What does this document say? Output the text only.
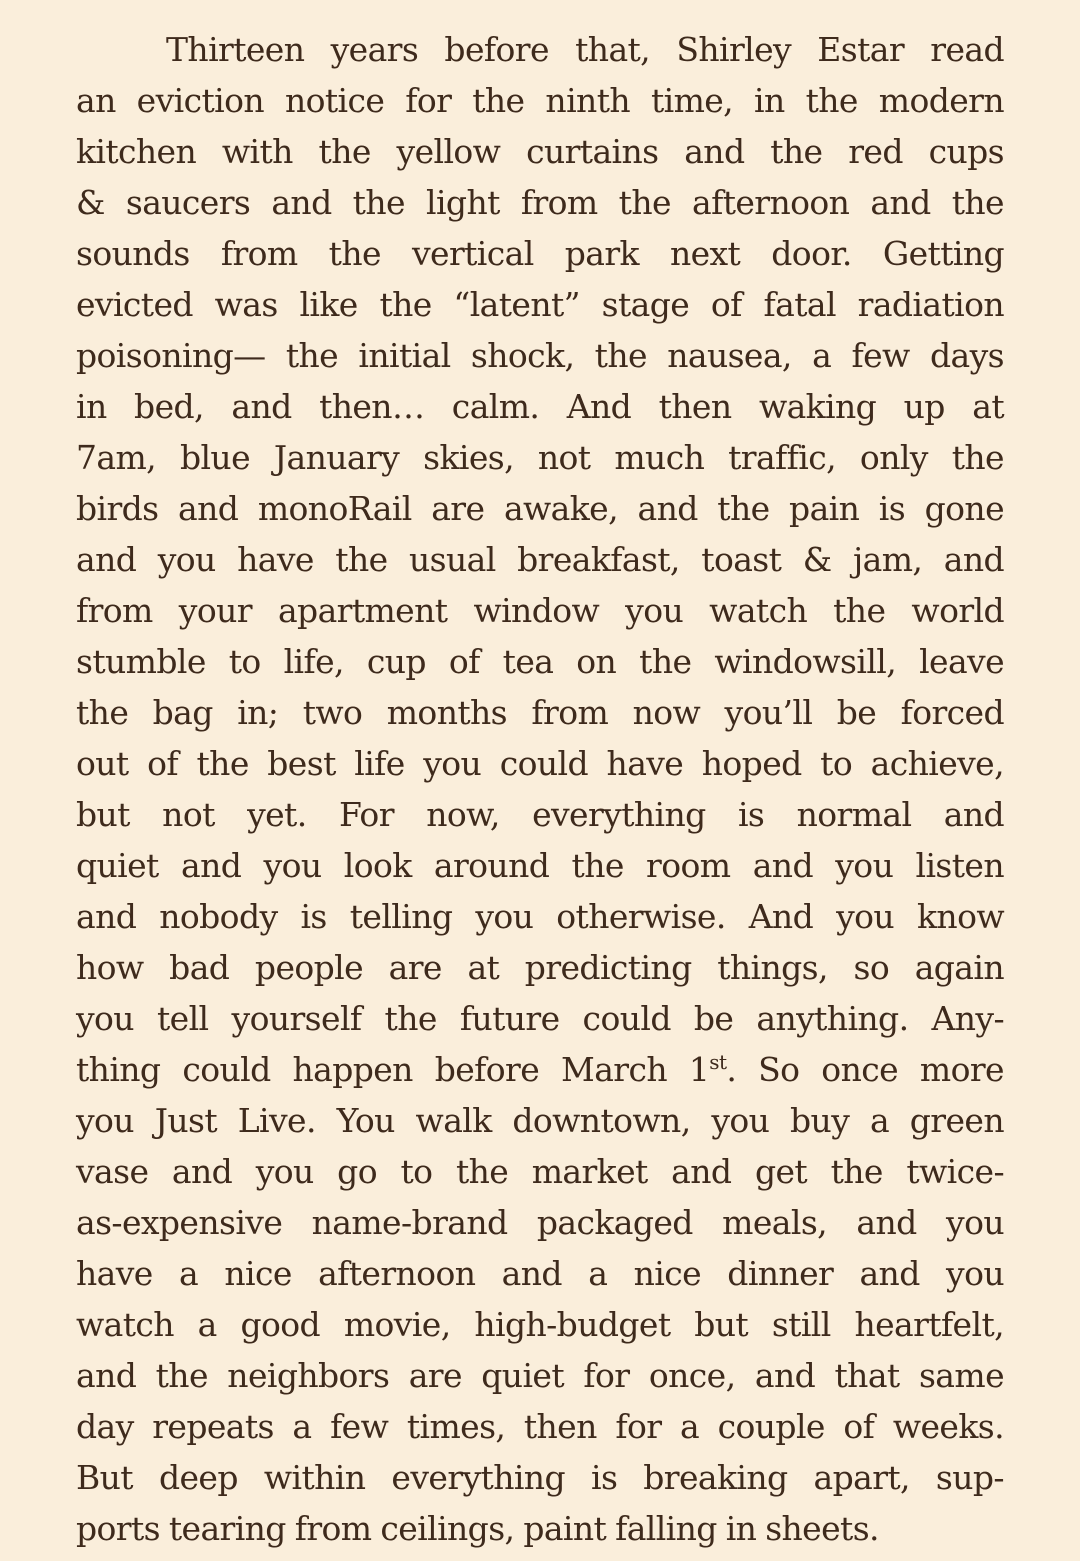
Thirteen years before that, Shirley Estar read
an eviction notice for the ninth time, in the modern
kitchen with the yellow curtains and the red cups
& saucers and the light from the afternoon and the
sounds from the vertical park next door. Getting
evicted was like the “latent” stage of fatal radiation
poisoning— the initial shock, the nausea, a few days
in bed, and then… calm. And then waking up at
7am, blue January skies, not much traffic, only the
birds and monoRail are awake, and the pain is gone
and you have the usual breakfast, toast & jam, and
from your apartment window you watch the world
stumble to life, cup of tea on the windowsill, leave
the bag in; two months from now you’ll be forced
out of the best life you could have hoped to achieve,
but not yet. For now, everything is normal and
quiet and you look around the room and you listen
and nobody is telling you otherwise. And you know
how bad people are at predicting things, so again
you tell yourself the future could be anything. Any-
thing could happen before March 1st. So once more
you Just Live. You walk downtown, you buy a green
vase and you go to the market and get the twice-
as-expensive name-brand packaged meals, and you
have a nice afternoon and a nice dinner and you
watch a good movie, high-budget but still heartfelt,
and the neighbors are quiet for once, and that same
day repeats a few times, then for a couple of weeks.
But deep within everything is breaking apart, sup-
ports tearing from ceilings, paint falling in sheets.
